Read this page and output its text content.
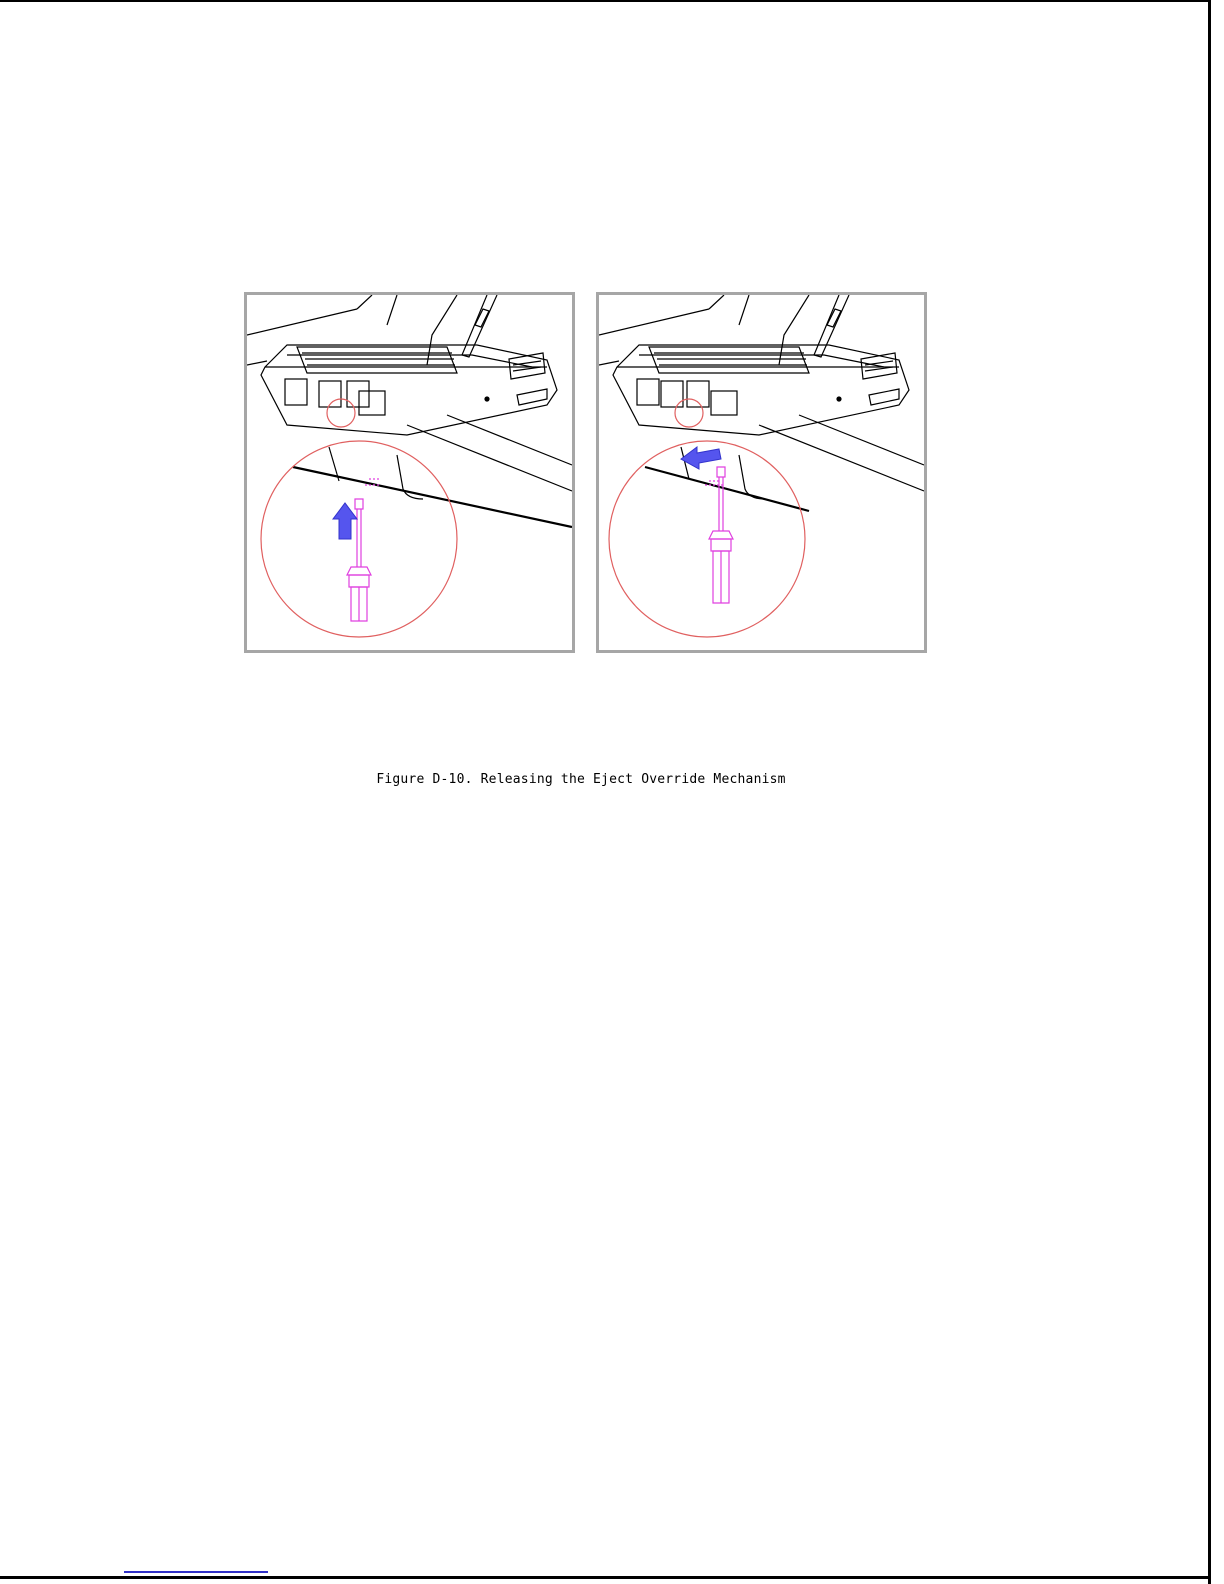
Figure D-10. Releasing the Eject Override Mechanism
